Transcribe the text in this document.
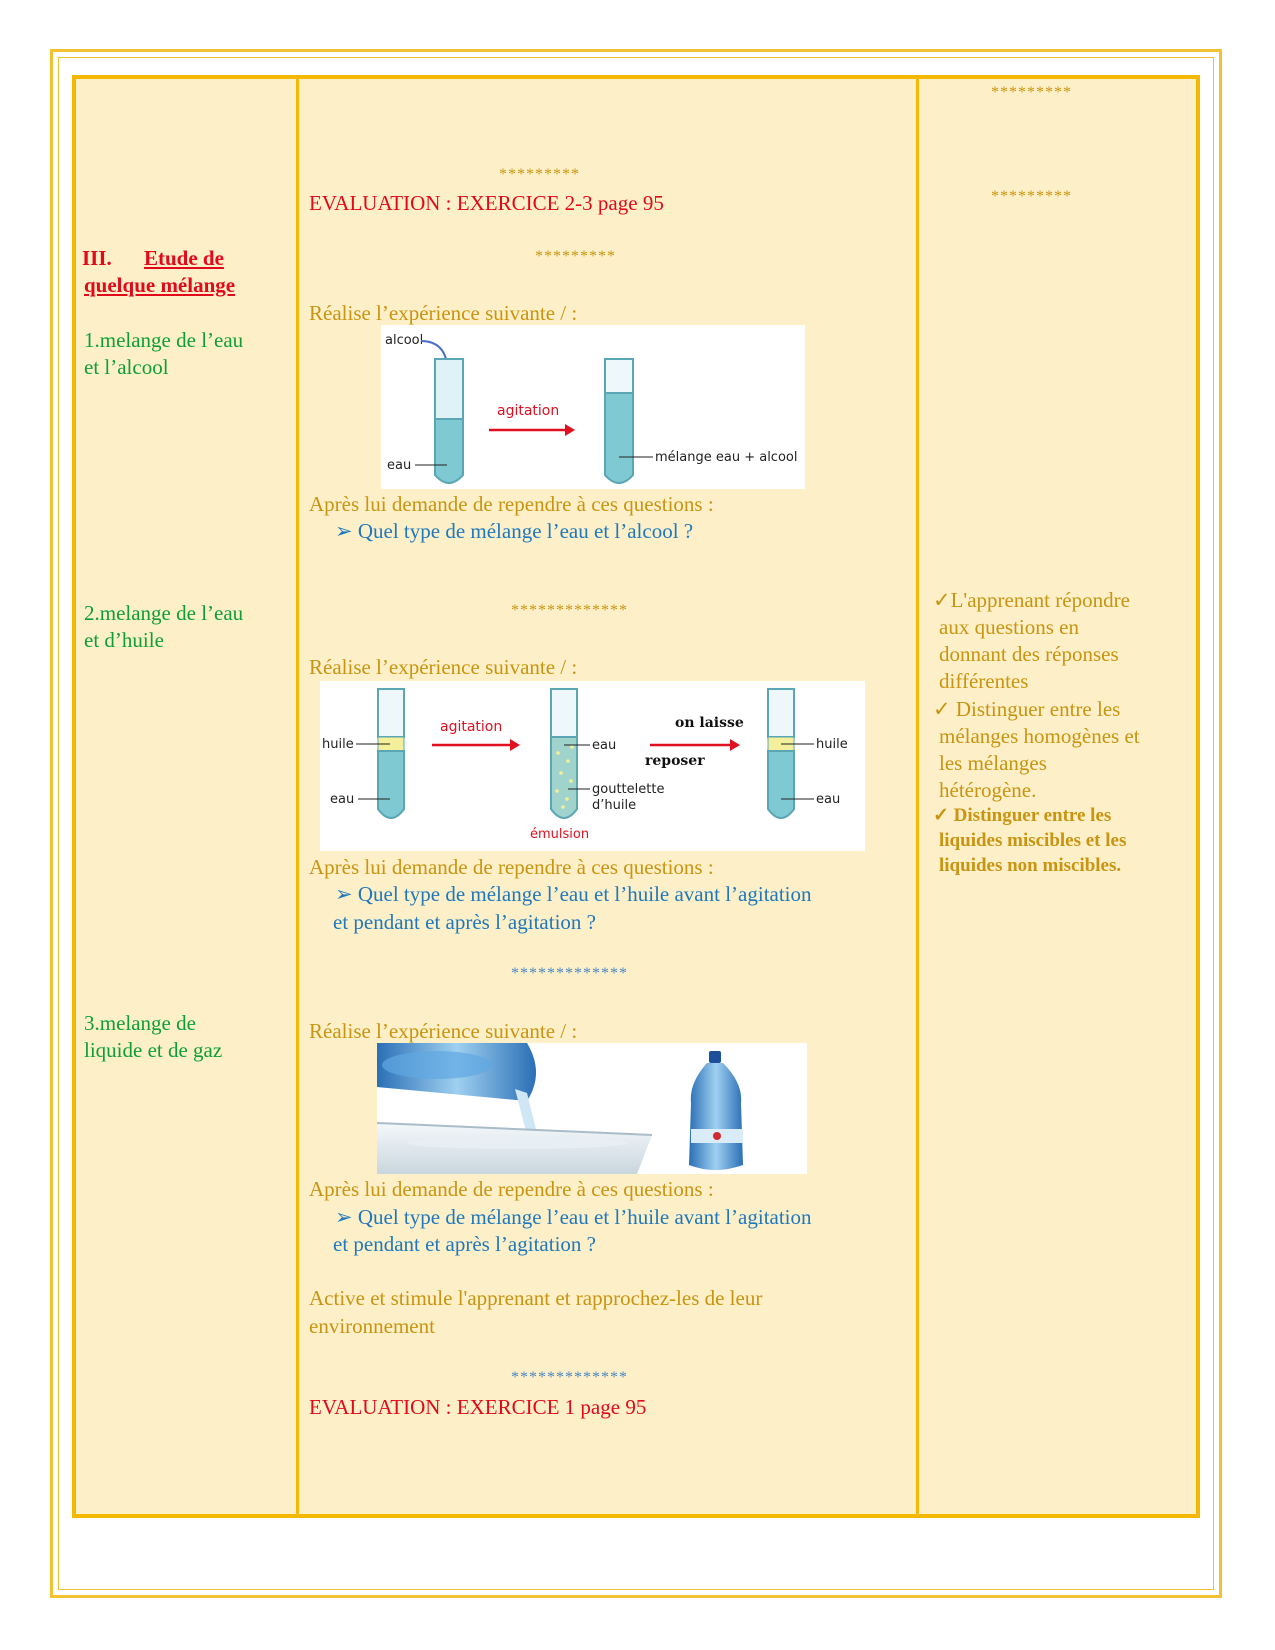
III. Etude de
quelque mélange
1.melange de l’eau
et l’alcool
2.melange de l’eau
et d’huile
3.melange de
liquide et de gaz
*********
EVALUATION : EXERCICE 2-3 page 95
*********
Réalise l’expérience suivante / :
alcool
eau
agitation
mélange eau + alcool
Après lui demande de rependre à ces questions :
➢ Quel type de mélange l’eau et l’alcool ?
*************
Réalise l’expérience suivante / :
huile
eau
agitation
eau
gouttelette
d’huile
émulsion
on laisse
reposer
huile
eau
Après lui demande de rependre à ces questions :
➢ Quel type de mélange l’eau et l’huile avant l’agitation
et pendant et après l’agitation ?
*************
Réalise l’expérience suivante / :
Après lui demande de rependre à ces questions :
➢ Quel type de mélange l’eau et l’huile avant l’agitation
et pendant et après l’agitation ?
Active et stimule l'apprenant et rapprochez-les de leur
environnement
*************
EVALUATION : EXERCICE 1 page 95
*********
*********
✓L'apprenant répondre
aux questions en
donnant des réponses
différentes
✓ Distinguer entre les
mélanges homogènes et
les mélanges
hétérogène.
✓ Distinguer entre les
liquides miscibles et les
liquides non miscibles.
